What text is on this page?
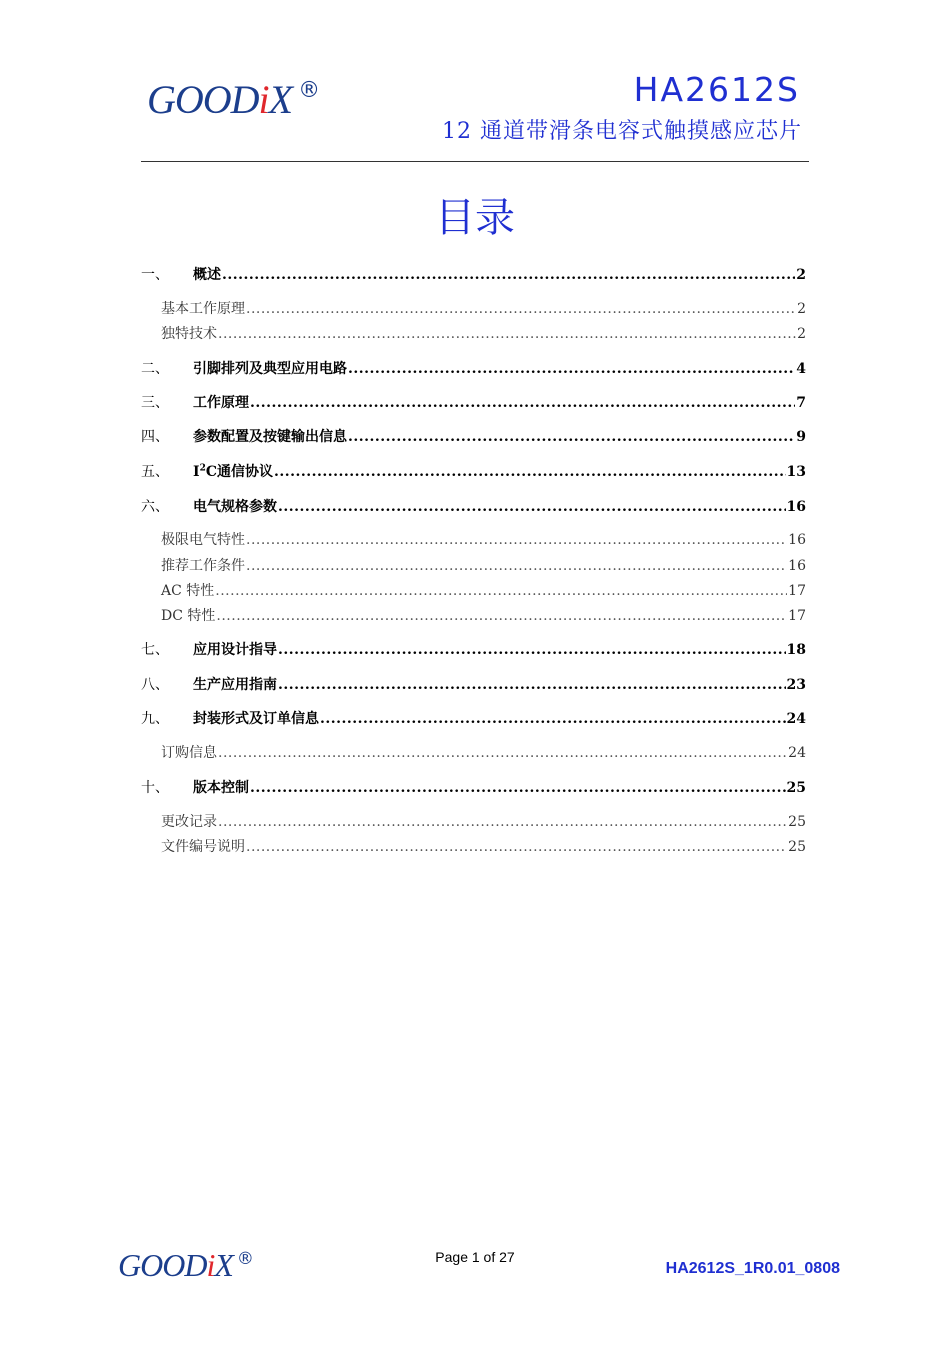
GOODiX ®	HA2612S
12 通道带滑条电容式触摸感应芯片
目录
一、	概述 .....	2
基本工作原理 .....	2
独特技术 .....	2
二、	引脚排列及典型应用电路 .....	4
三、	工作原理 .....	7
四、	参数配置及按键输出信息 .....	9
五、	$I^2C$通信协议 .....	13
六、	电气规格参数 .....	16
极限电气特性 .....	16
推荐工作条件 .....	16
AC 特性 .....	17
DC 特性 .....	17
七、	应用设计指导 .....	18
八、	生产应用指南 .....	23
九、	封装形式及订单信息 .....	24
订购信息 .....	24
十、	版本控制 .....	25
更改记录 .....	25
文件编号说明 .....	25
GOODiX ®	Page 1 of 27
HA2612S_1R0.01_0808
